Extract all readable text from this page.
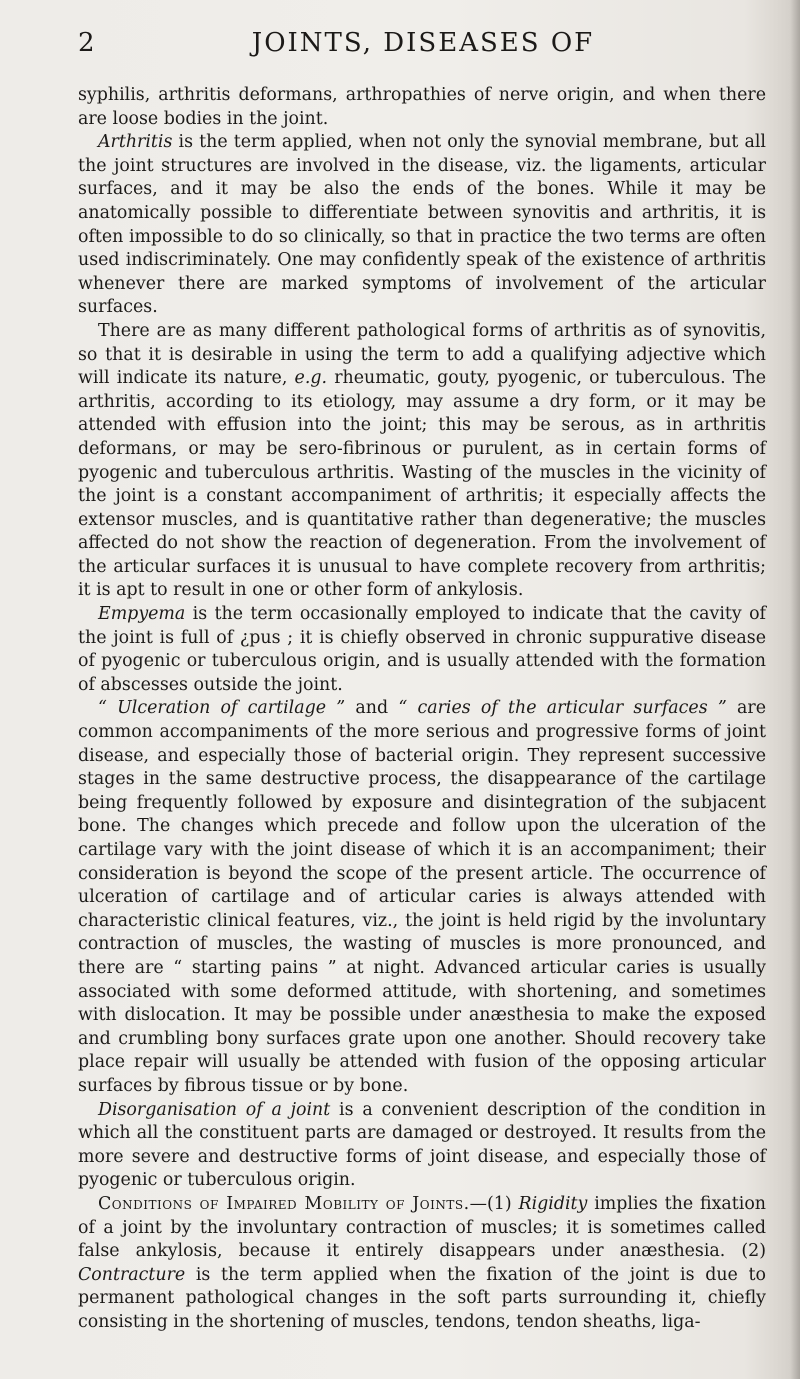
2	JOINTS, DISEASES OF

syphilis, arthritis deformans, arthropathies of nerve origin, and when there are loose bodies in the joint.

Arthritis is the term applied, when not only the synovial membrane, but all the joint structures are involved in the disease, viz. the ligaments, articular surfaces, and it may be also the ends of the bones. While it may be anatomically possible to differentiate between synovitis and arthritis, it is often impossible to do so clinically, so that in practice the two terms are often used indiscriminately. One may confidently speak of the existence of arthritis whenever there are marked symptoms of involvement of the articular surfaces.

There are as many different pathological forms of arthritis as of synovitis, so that it is desirable in using the term to add a qualifying adjective which will indicate its nature, e.g. rheumatic, gouty, pyogenic, or tuberculous. The arthritis, according to its etiology, may assume a dry form, or it may be attended with effusion into the joint; this may be serous, as in arthritis deformans, or may be sero-fibrinous or purulent, as in certain forms of pyogenic and tuberculous arthritis. Wasting of the muscles in the vicinity of the joint is a constant accompaniment of arthritis; it especially affects the extensor muscles, and is quantitative rather than degenerative; the muscles affected do not show the reaction of degeneration. From the involvement of the articular surfaces it is unusual to have complete recovery from arthritis; it is apt to result in one or other form of ankylosis.

Empyema is the term occasionally employed to indicate that the cavity of the joint is full of ¿pus ; it is chiefly observed in chronic suppurative disease of pyogenic or tuberculous origin, and is usually attended with the formation of abscesses outside the joint.

“ Ulceration of cartilage ” and “ caries of the articular surfaces ” are common accompaniments of the more serious and progressive forms of joint disease, and especially those of bacterial origin. They represent successive stages in the same destructive process, the disappearance of the cartilage being frequently followed by exposure and disintegration of the subjacent bone. The changes which precede and follow upon the ulceration of the cartilage vary with the joint disease of which it is an accompaniment; their consideration is beyond the scope of the present article. The occurrence of ulceration of cartilage and of articular caries is always attended with characteristic clinical features, viz., the joint is held rigid by the involuntary contraction of muscles, the wasting of muscles is more pronounced, and there are “ starting pains ” at night. Advanced articular caries is usually associated with some deformed attitude, with shortening, and sometimes with dislocation. It may be possible under anæsthesia to make the exposed and crumbling bony surfaces grate upon one another. Should recovery take place repair will usually be attended with fusion of the opposing articular surfaces by fibrous tissue or by bone.

Disorganisation of a joint is a convenient description of the condition in which all the constituent parts are damaged or destroyed. It results from the more severe and destructive forms of joint disease, and especially those of pyogenic or tuberculous origin.

Conditions of Impaired Mobility of Joints.—(1) Rigidity implies the fixation of a joint by the involuntary contraction of muscles; it is sometimes called false ankylosis, because it entirely disappears under anæsthesia. (2) Contracture is the term applied when the fixation of the joint is due to permanent pathological changes in the soft parts surrounding it, chiefly consisting in the shortening of muscles, tendons, tendon sheaths, liga-
